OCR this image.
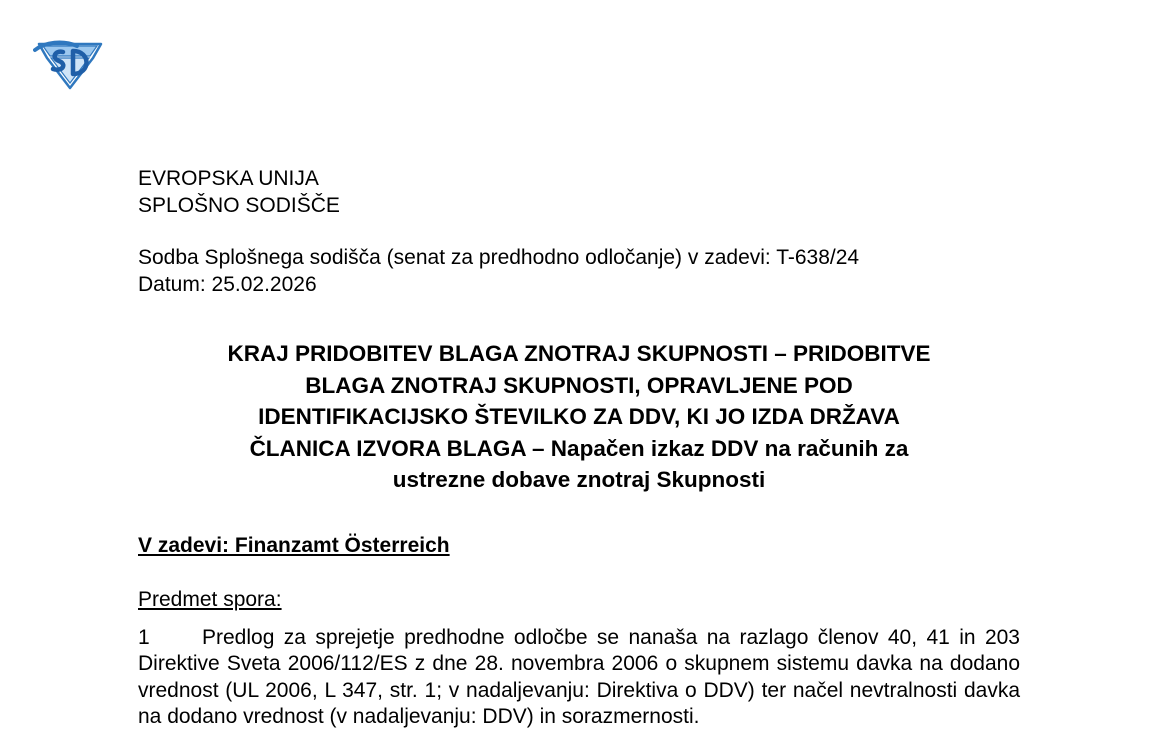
EVROPSKA UNIJA
SPLOŠNO SODIŠČE
Sodba Splošnega sodišča (senat za predhodno odločanje) v zadevi: T-638/24
Datum: 25.02.2026
KRAJ PRIDOBITEV BLAGA ZNOTRAJ SKUPNOSTI – PRIDOBITVE
BLAGA ZNOTRAJ SKUPNOSTI, OPRAVLJENE POD
IDENTIFIKACIJSKO ŠTEVILKO ZA DDV, KI JO IZDA DRŽAVA
ČLANICA IZVORA BLAGA – Napačen izkaz DDV na računih za
ustrezne dobave znotraj Skupnosti
V zadevi: Finanzamt Österreich
Predmet spora:
1 Predlog za sprejetje predhodne odločbe se nanaša na razlago členov 40, 41 in 203 Direktive Sveta 2006/112/ES z dne 28. novembra 2006 o skupnem sistemu davka na dodano vrednost (UL 2006, L 347, str. 1; v nadaljevanju: Direktiva o DDV) ter načel nevtralnosti davka na dodano vrednost (v nadaljevanju: DDV) in sorazmernosti.
